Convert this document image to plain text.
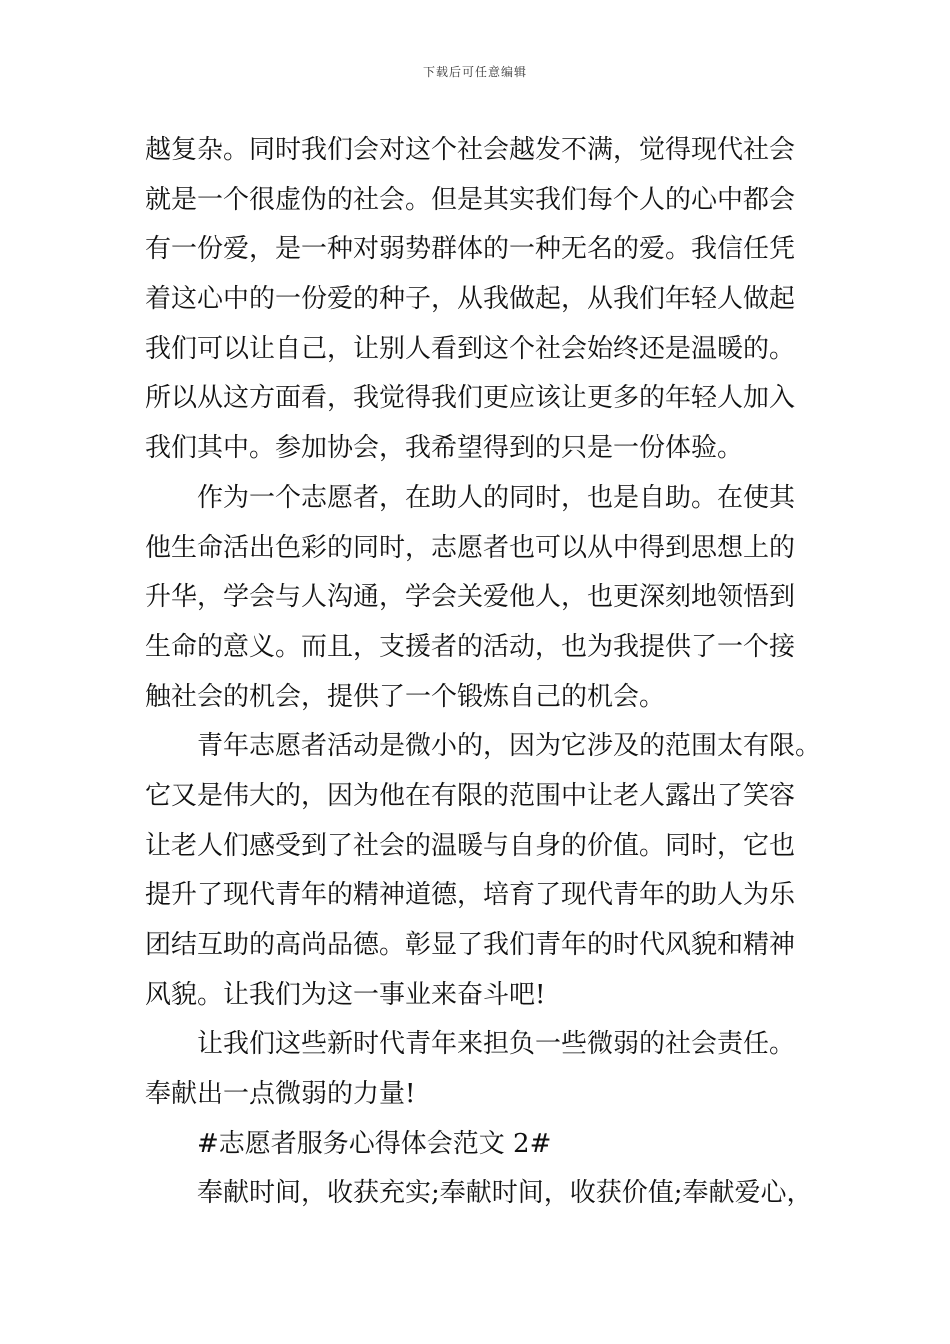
下载后可任意编辑
越复杂。同时我们会对这个社会越发不满，觉得现代社会
就是一个很虚伪的社会。但是其实我们每个人的心中都会
有一份爱，是一种对弱势群体的一种无名的爱。我信任凭
着这心中的一份爱的种子，从我做起，从我们年轻人做起
我们可以让自己，让别人看到这个社会始终还是温暖的。
所以从这方面看，我觉得我们更应该让更多的年轻人加入
我们其中。参加协会，我希望得到的只是一份体验。
作为一个志愿者，在助人的同时，也是自助。在使其
他生命活出色彩的同时，志愿者也可以从中得到思想上的
升华，学会与人沟通，学会关爱他人，也更深刻地领悟到
生命的意义。而且，支援者的活动，也为我提供了一个接
触社会的机会，提供了一个锻炼自己的机会。
青年志愿者活动是微小的，因为它涉及的范围太有限。
它又是伟大的，因为他在有限的范围中让老人露出了笑容
让老人们感受到了社会的温暖与自身的价值。同时，它也
提升了现代青年的精神道德，培育了现代青年的助人为乐
团结互助的高尚品德。彰显了我们青年的时代风貌和精神
风貌。让我们为这一事业来奋斗吧!
让我们这些新时代青年来担负一些微弱的社会责任。
奉献出一点微弱的力量!
#志愿者服务心得体会范文 2#
奉献时间，收获充实;奉献时间，收获价值;奉献爱心，
